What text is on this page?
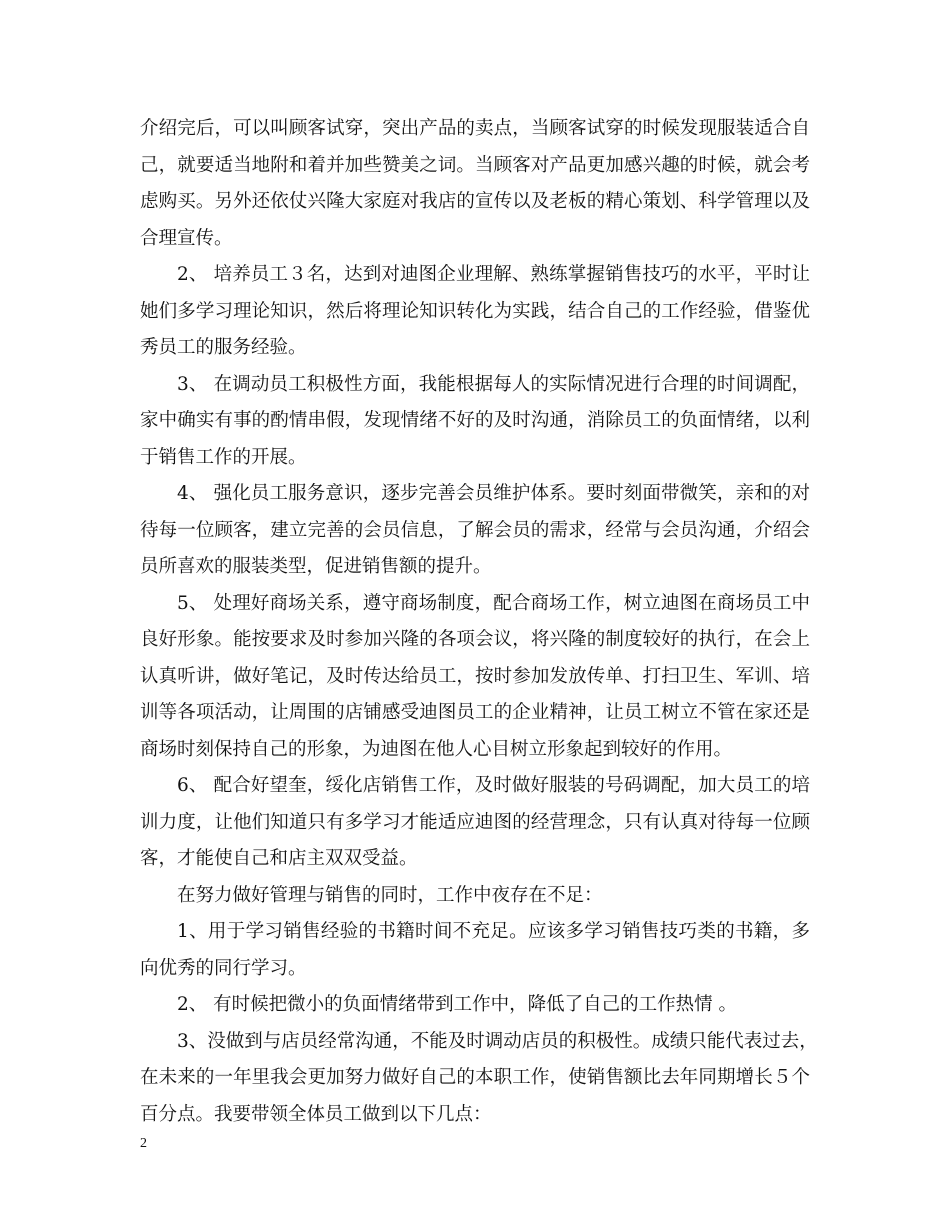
介绍完后，可以叫顾客试穿，突出产品的卖点，当顾客试穿的时候发现服装适合自
己，就要适当地附和着并加些赞美之词。当顾客对产品更加感兴趣的时候，就会考
虑购买。另外还依仗兴隆大家庭对我店的宣传以及老板的精心策划、科学管理以及
合理宣传。
2、 培养员工３名，达到对迪图企业理解、熟练掌握销售技巧的水平，平时让
她们多学习理论知识，然后将理论知识转化为实践，结合自己的工作经验，借鉴优
秀员工的服务经验。
3、 在调动员工积极性方面，我能根据每人的实际情况进行合理的时间调配，
家中确实有事的酌情串假，发现情绪不好的及时沟通，消除员工的负面情绪，以利
于销售工作的开展。
4、 强化员工服务意识，逐步完善会员维护体系。要时刻面带微笑，亲和的对
待每一位顾客，建立完善的会员信息，了解会员的需求，经常与会员沟通，介绍会
员所喜欢的服装类型，促进销售额的提升。
5、 处理好商场关系，遵守商场制度，配合商场工作，树立迪图在商场员工中
良好形象。能按要求及时参加兴隆的各项会议，将兴隆的制度较好的执行，在会上
认真听讲，做好笔记，及时传达给员工，按时参加发放传单、打扫卫生、军训、培
训等各项活动，让周围的店铺感受迪图员工的企业精神，让员工树立不管在家还是
商场时刻保持自己的形象，为迪图在他人心目树立形象起到较好的作用。
6、 配合好望奎，绥化店销售工作，及时做好服装的号码调配，加大员工的培
训力度，让他们知道只有多学习才能适应迪图的经营理念，只有认真对待每一位顾
客，才能使自己和店主双双受益。
在努力做好管理与销售的同时，工作中夜存在不足：
1、用于学习销售经验的书籍时间不充足。应该多学习销售技巧类的书籍，多
向优秀的同行学习。
2、 有时候把微小的负面情绪带到工作中，降低了自己的工作热情 。
3、没做到与店员经常沟通，不能及时调动店员的积极性。成绩只能代表过去，
在未来的一年里我会更加努力做好自己的本职工作，使销售额比去年同期增长５个
百分点。我要带领全体员工做到以下几点：
2
